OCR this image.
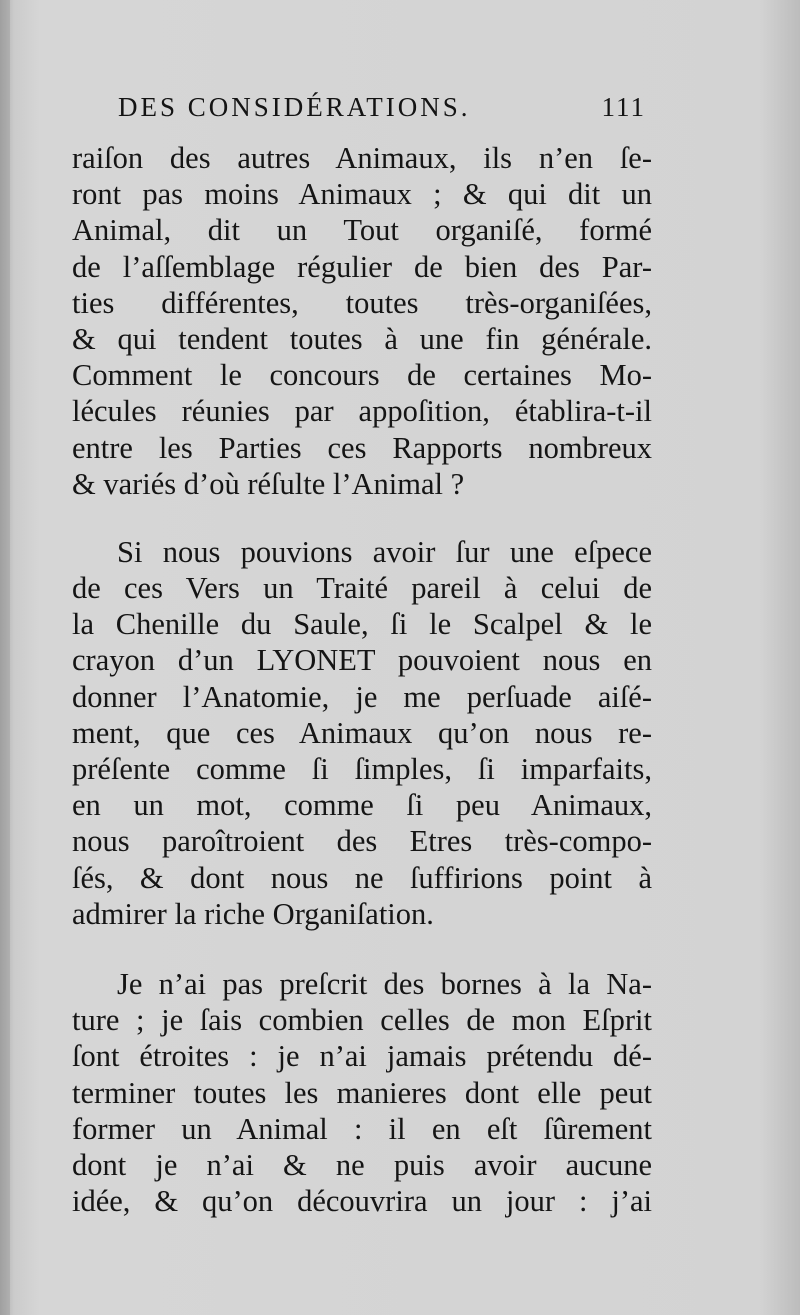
DES CONSIDÉRATIONS.	111
raiſon des autres Animaux, ils n’en ſe-
ront pas moins Animaux ; & qui dit un
Animal, dit un Tout organiſé, formé
de l’aſſemblage régulier de bien des Par-
ties différentes, toutes très-organiſées,
& qui tendent toutes à une fin générale.
Comment le concours de certaines Mo-
lécules réunies par appoſition, établira-t-il
entre les Parties ces Rapports nombreux
& variés d’où réſulte l’Animal ?
Si nous pouvions avoir ſur une eſpece
de ces Vers un Traité pareil à celui de
la Chenille du Saule, ſi le Scalpel & le
crayon d’un LYONET pouvoient nous en
donner l’Anatomie, je me perſuade aiſé-
ment, que ces Animaux qu’on nous re-
préſente comme ſi ſimples, ſi imparfaits,
en un mot, comme ſi peu Animaux,
nous paroîtroient des Etres très-compo-
ſés, & dont nous ne ſuffirions point à
admirer la riche Organiſation.
Je n’ai pas preſcrit des bornes à la Na-
ture ; je ſais combien celles de mon Eſprit
ſont étroites : je n’ai jamais prétendu dé-
terminer toutes les manieres dont elle peut
former un Animal : il en eſt ſûrement
dont je n’ai & ne puis avoir aucune
idée, & qu’on découvrira un jour : j’ai
